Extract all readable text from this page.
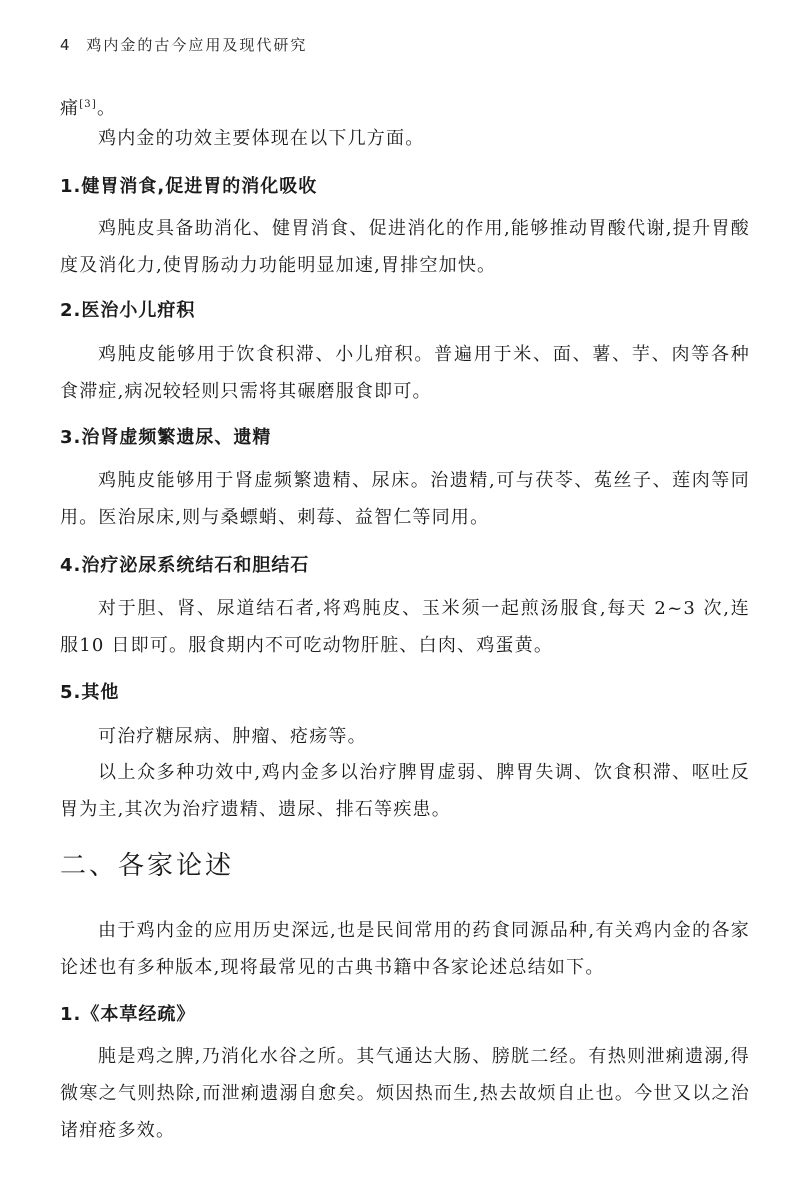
4 鸡内金的古今应用及现代研究

痛[3]。

鸡内金的功效主要体现在以下几方面。

1.健胃消食,促进胃的消化吸收

鸡肫皮具备助消化、健胃消食、促进消化的作用,能够推动胃酸代谢,提升胃酸度及消化力,使胃肠动力功能明显加速,胃排空加快。

2.医治小儿疳积

鸡肫皮能够用于饮食积滞、小儿疳积。普遍用于米、面、薯、芋、肉等各种食滞症,病况较轻则只需将其碾磨服食即可。

3.治肾虚频繁遗尿、遗精

鸡肫皮能够用于肾虚频繁遗精、尿床。治遗精,可与茯苓、菟丝子、莲肉等同用。医治尿床,则与桑螵蛸、刺莓、益智仁等同用。

4.治疗泌尿系统结石和胆结石

对于胆、肾、尿道结石者,将鸡肫皮、玉米须一起煎汤服食,每天 2~3 次,连服10 日即可。服食期内不可吃动物肝脏、白肉、鸡蛋黄。

5.其他

可治疗糖尿病、肿瘤、疮疡等。

以上众多种功效中,鸡内金多以治疗脾胃虚弱、脾胃失调、饮食积滞、呕吐反胃为主,其次为治疗遗精、遗尿、排石等疾患。

二、各家论述

由于鸡内金的应用历史深远,也是民间常用的药食同源品种,有关鸡内金的各家论述也有多种版本,现将最常见的古典书籍中各家论述总结如下。

1.《本草经疏》

肫是鸡之脾,乃消化水谷之所。其气通达大肠、膀胱二经。有热则泄痢遗溺,得微寒之气则热除,而泄痢遗溺自愈矣。烦因热而生,热去故烦自止也。今世又以之治诸疳疮多效。
